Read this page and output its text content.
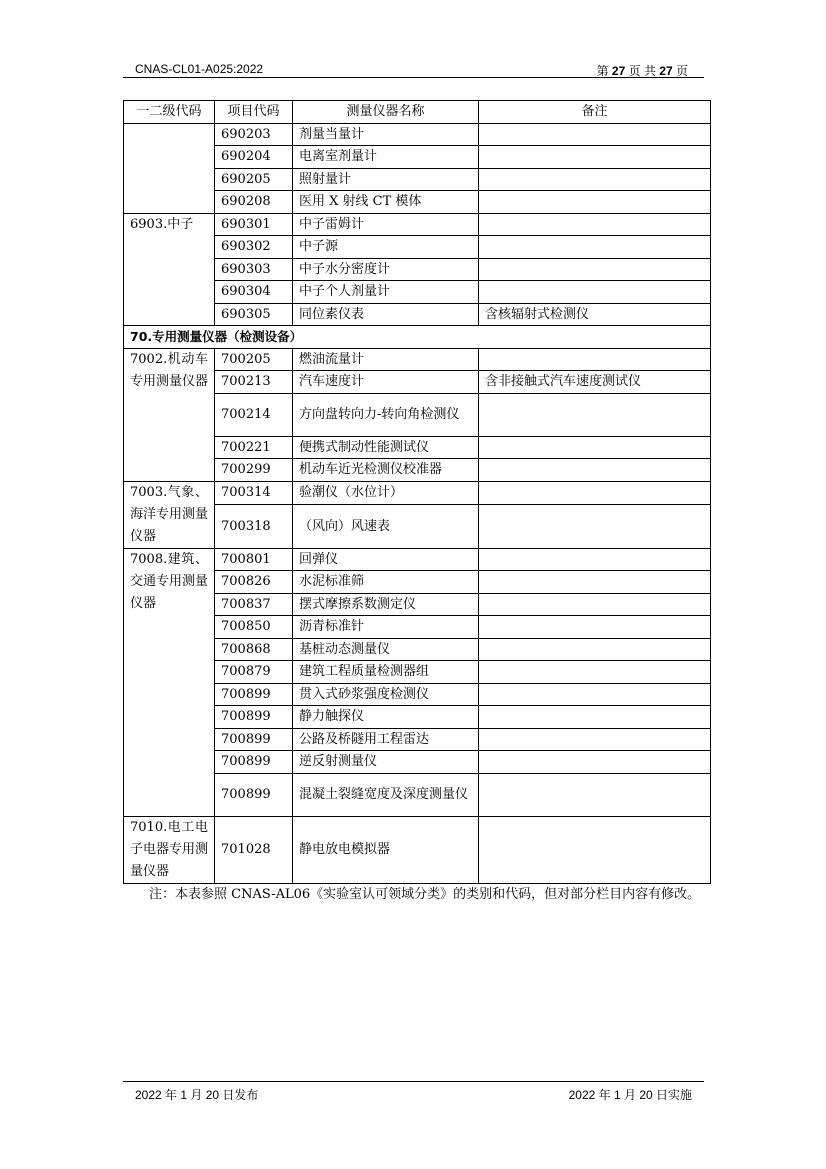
CNAS-CL01-A025:2022	第 27 页 共 27 页
一二级代码	项目代码	测量仪器名称	备注
	690203	剂量当量计	
	690204	电离室剂量计	
	690205	照射量计	
	690208	医用 X 射线 CT 模体	
6903.中子	690301	中子雷姆计	
	690302	中子源	
	690303	中子水分密度计	
	690304	中子个人剂量计	
	690305	同位素仪表	含核辐射式检测仪
70.专用测量仪器（检测设备）			
7002.机动车专用测量仪器	700205	燃油流量计	
	700213	汽车速度计	含非接触式汽车速度测试仪
	700214	方向盘转向力-转向角检测仪	
	700221	便携式制动性能测试仪	
	700299	机动车近光检测仪校准器	
7003.气象、海洋专用测量仪器	700314	验潮仪（水位计）	
	700318	（风向）风速表	
7008.建筑、交通专用测量仪器	700801	回弹仪	
	700826	水泥标准筛	
	700837	摆式摩擦系数测定仪	
	700850	沥青标准针	
	700868	基桩动态测量仪	
	700879	建筑工程质量检测器组	
	700899	贯入式砂浆强度检测仪	
	700899	静力触探仪	
	700899	公路及桥隧用工程雷达	
	700899	逆反射测量仪	
	700899	混凝土裂缝宽度及深度测量仪	
7010.电工电子电器专用测量仪器	701028	静电放电模拟器	
注：本表参照 CNAS-AL06《实验室认可领域分类》的类别和代码，但对部分栏目内容有修改。
2022 年 1 月 20 日发布	2022 年 1 月 20 日实施
